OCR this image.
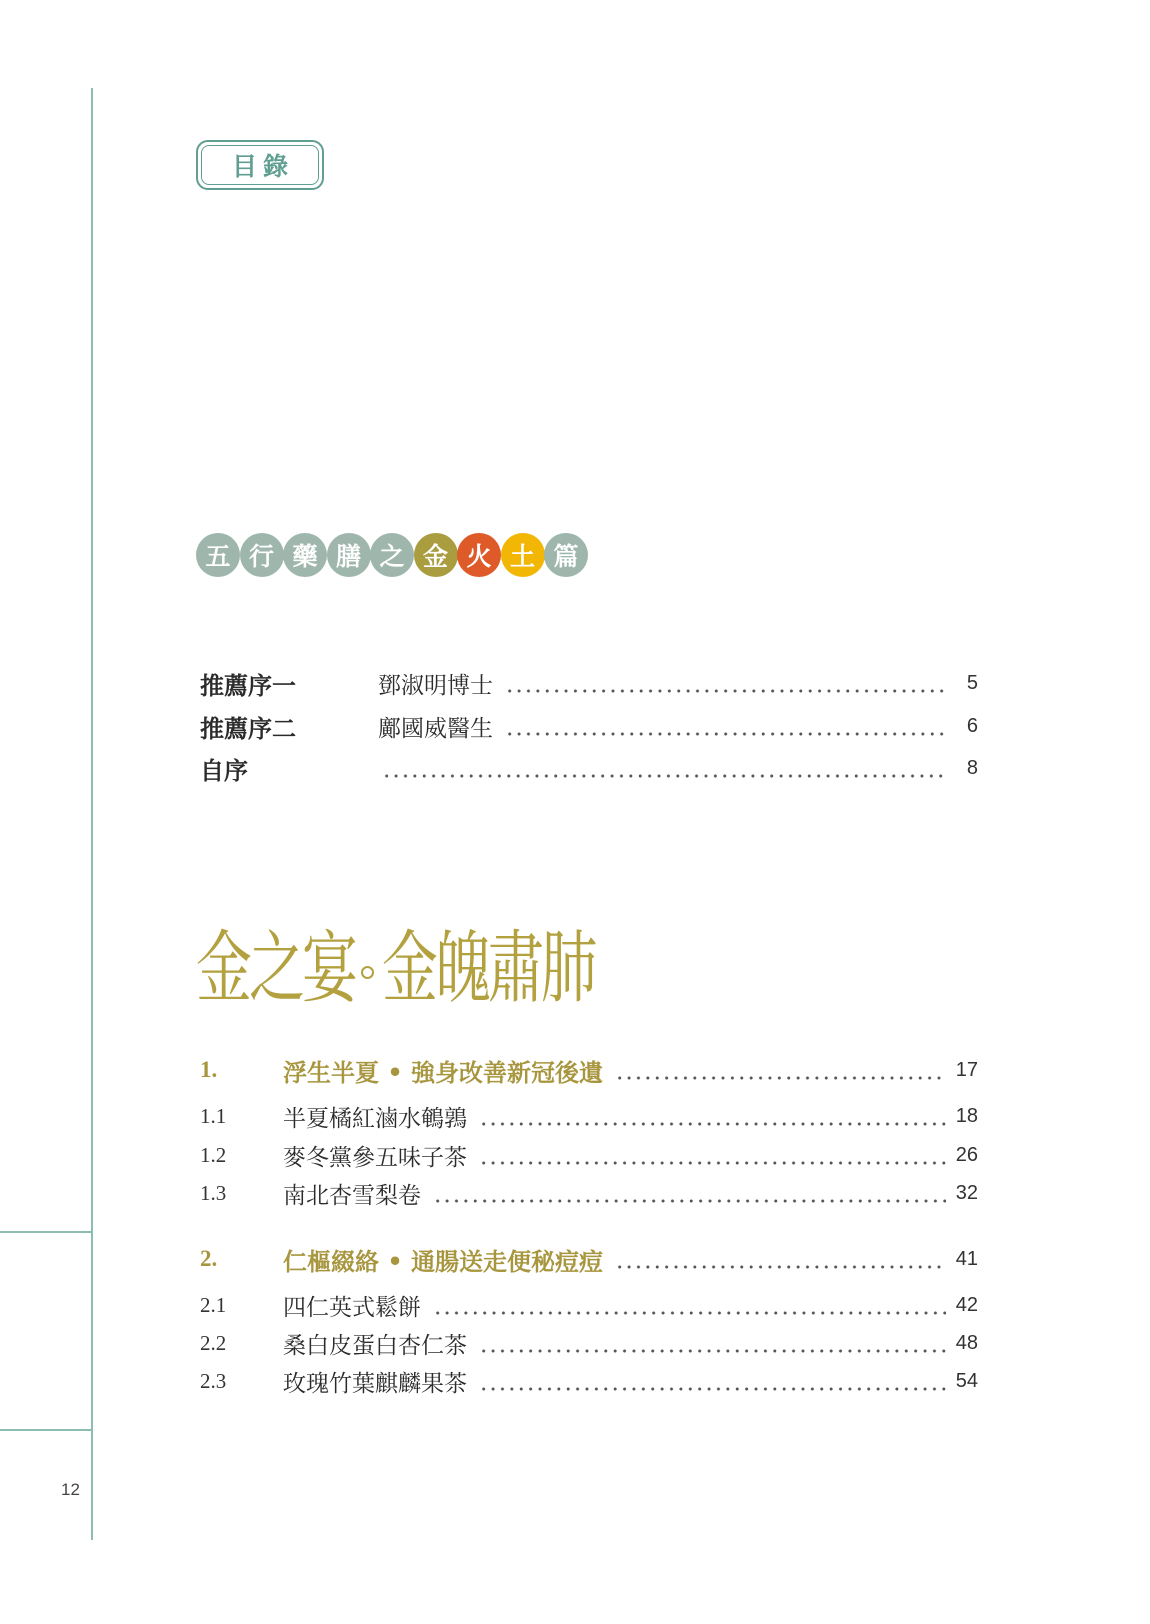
12
目錄
五 行 藥 膳 之 金 火 土 篇
推薦序一	鄧淑明博士	5
推薦序二	鄺國威醫生	6
自序	8
金之宴 金魄肅肺
1.	浮生半夏 • 強身改善新冠後遺	17
1.1	半夏橘紅滷水鵪鶉	18
1.2	麥冬黨參五味子茶	26
1.3	南北杏雪梨卷	32
2.	仁樞綴絡 • 通腸送走便秘痘痘	41
2.1	四仁英式鬆餅	42
2.2	桑白皮蛋白杏仁茶	48
2.3	玫瑰竹葉麒麟果茶	54
